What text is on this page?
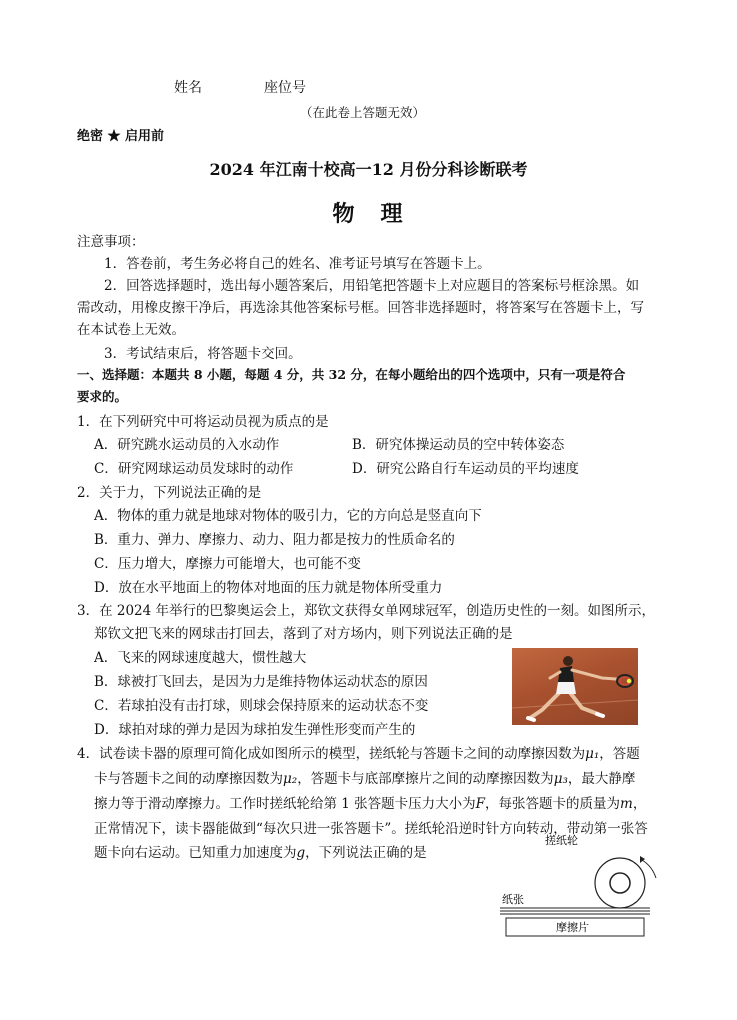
姓名	座位号
（在此卷上答题无效）
绝密 ★ 启用前
2024 年江南十校高一12 月份分科诊断联考
物　理
注意事项：
1．答卷前，考生务必将自己的姓名、准考证号填写在答题卡上。
2．回答选择题时，选出每小题答案后，用铅笔把答题卡上对应题目的答案标号框涂黑。如
需改动，用橡皮擦干净后，再选涂其他答案标号框。回答非选择题时，将答案写在答题卡上，写
在本试卷上无效。
3．考试结束后，将答题卡交回。
一、选择题：本题共 8 小题，每题 4 分，共 32 分，在每小题给出的四个选项中，只有一项是符合
要求的。
1．在下列研究中可将运动员视为质点的是
A．研究跳水运动员的入水动作	B．研究体操运动员的空中转体姿态
C．研究网球运动员发球时的动作	D．研究公路自行车运动员的平均速度
2．关于力，下列说法正确的是
A．物体的重力就是地球对物体的吸引力，它的方向总是竖直向下
B．重力、弹力、摩擦力、动力、阻力都是按力的性质命名的
C．压力增大，摩擦力可能增大，也可能不变
D．放在水平地面上的物体对地面的压力就是物体所受重力
3．在 2024 年举行的巴黎奥运会上，郑钦文获得女单网球冠军，创造历史性的一刻。如图所示，
郑钦文把飞来的网球击打回去，落到了对方场内，则下列说法正确的是
A．飞来的网球速度越大，惯性越大
B．球被打飞回去，是因为力是维持物体运动状态的原因
C．若球拍没有击打球，则球会保持原来的运动状态不变
D．球拍对球的弹力是因为球拍发生弹性形变而产生的
4．试卷读卡器的原理可简化成如图所示的模型，搓纸轮与答题卡之间的动摩擦因数为μ₁，答题
卡与答题卡之间的动摩擦因数为μ₂，答题卡与底部摩擦片之间的动摩擦因数为μ₃，最大静摩
擦力等于滑动摩擦力。工作时搓纸轮给第 1 张答题卡压力大小为F，每张答题卡的质量为m，
正常情况下，读卡器能做到“每次只进一张答题卡”。搓纸轮沿逆时针方向转动，带动第一张答
题卡向右运动。已知重力加速度为g，下列说法正确的是
搓纸轮
纸张
摩擦片
